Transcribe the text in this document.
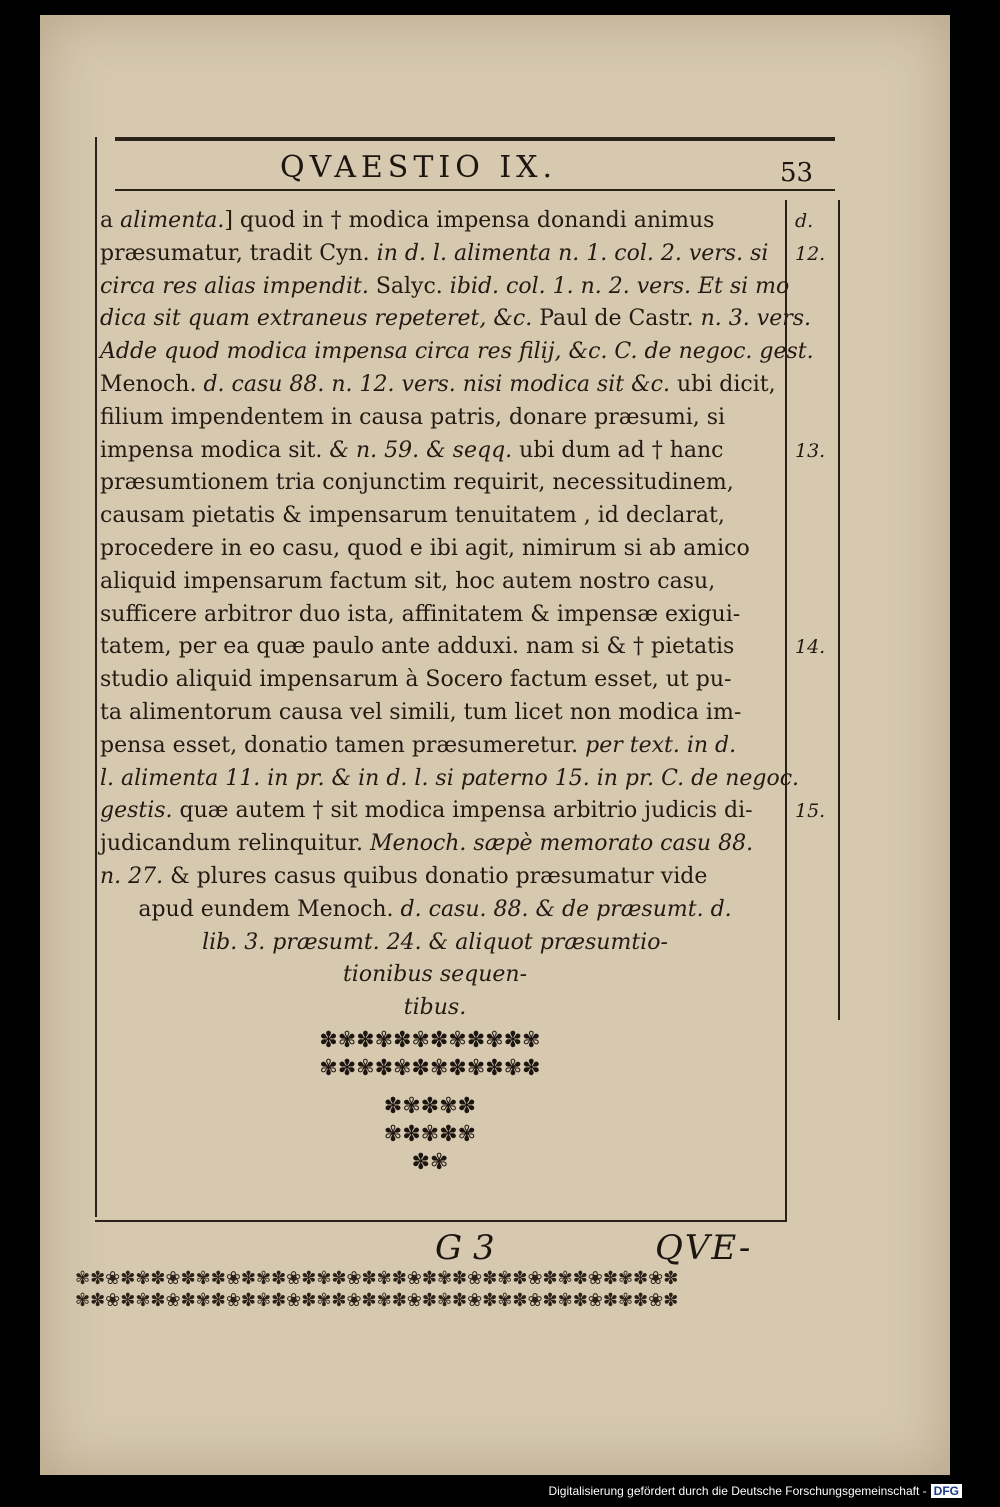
QVAESTIO IX.	53
a alimenta.] quod in † modica impensa donandi animus
præsumatur, tradit Cyn. in d. l. alimenta n. 1. col. 2. vers. si
circa res alias impendit. Salyc. ibid. col. 1. n. 2. vers. Et si mo
dica sit quam extraneus repeteret, &c. Paul de Castr. n. 3. vers.
Adde quod modica impensa circa res filij, &c. C. de negoc. gest.
Menoch. d. casu 88. n. 12. vers. nisi modica sit &c. ubi dicit,
filium impendentem in causa patris, donare præsumi, si
impensa modica sit. & n. 59. & seqq. ubi dum ad † hanc
præsumtionem tria conjunctim requirit, necessitudinem,
causam pietatis & impensarum tenuitatem , id declarat,
procedere in eo casu, quod e ibi agit, nimirum si ab amico
aliquid impensarum factum sit, hoc autem nostro casu,
sufficere arbitror duo ista, affinitatem & impensæ exigui-
tatem, per ea quæ paulo ante adduxi. nam si & † pietatis
studio aliquid impensarum à Socero factum esset, ut pu-
ta alimentorum causa vel simili, tum licet non modica im-
pensa esset, donatio tamen præsumeretur. per text. in d.
l. alimenta 11. in pr. & in d. l. si paterno 15. in pr. C. de negoc.
gestis. quæ autem † sit modica impensa arbitrio judicis di-
judicandum relinquitur. Menoch. sæpè memorato casu 88.
n. 27. & plures casus quibus donatio præsumatur vide
apud eundem Menoch. d. casu. 88. & de præsumt. d.
lib. 3. præsumt. 24. & aliquot præsumtio-
tionibus sequen-
tibus.
d.
12.
13.
14.
15.
✽✾✽✾✽✾✽✾✽✾✽✾
✾✽✾✽✾✽✾✽✾✽✾✽
✽✾✽✾✽
✾✽✾✽✾
✽✾
G 3	QVE-
✾✽❀✽✾✽❀✽✾✽❀✽✾✽❀✽✾✽❀✽✾✽❀✽✾✽❀✽✾✽❀✽✾✽❀✽✾✽❀✽
✾✽❀✽✾✽❀✽✾✽❀✽✾✽❀✽✾✽❀✽✾✽❀✽✾✽❀✽✾✽❀✽✾✽❀✽✾✽❀✽
Digitalisierung gefördert durch die Deutsche Forschungsgemeinschaft - DFG
